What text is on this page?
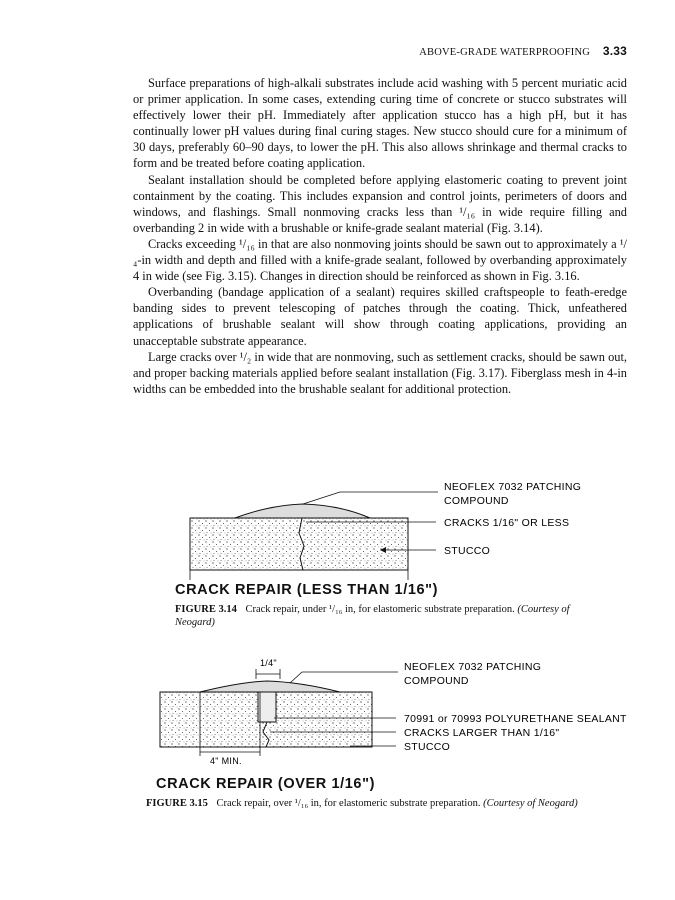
ABOVE-GRADE WATERPROOFING 3.33

Surface preparations of high-alkali substrates include acid washing with 5 percent muriatic acid or primer application. In some cases, extending curing time of concrete or stucco substrates will effectively lower their pH. Immediately after application stucco has a high pH, but it has continually lower pH values during final curing stages. New stucco should cure for a minimum of 30 days, preferably 60–90 days, to lower the pH. This also allows shrinkage and thermal cracks to form and be treated before coating application.

Sealant installation should be completed before applying elastomeric coating to prevent joint containment by the coating. This includes expansion and control joints, perimeters of doors and windows, and flashings. Small nonmoving cracks less than ¹/₁₆ in wide require filling and overbanding 2 in wide with a brushable or knife-grade sealant material (Fig. 3.14).

Cracks exceeding ¹/₁₆ in that are also nonmoving joints should be sawn out to approximately a ¹/₄-in width and depth and filled with a knife-grade sealant, followed by overbanding approximately 4 in wide (see Fig. 3.15). Changes in direction should be reinforced as shown in Fig. 3.16.

Overbanding (bandage application of a sealant) requires skilled craftspeople to feath-eredge banding sides to prevent telescoping of patches through the coating. Thick, unfeathered applications of brushable sealant will show through coating applications, providing an unacceptable substrate appearance.

Large cracks over ¹/₂ in wide that are nonmoving, such as settlement cracks, should be sawn out, and proper backing materials applied before sealant installation (Fig. 3.17). Fiberglass mesh in 4-in widths can be embedded into the brushable sealant for additional protection.

NEOFLEX 7032 PATCHING
COMPOUND
CRACKS 1/16" OR LESS
STUCCO
CRACK REPAIR (LESS THAN 1/16")
FIGURE 3.14 Crack repair, under ¹/₁₆ in, for elastomeric substrate preparation. (Courtesy of Neogard)
1/4"
4" MIN.
NEOFLEX 7032 PATCHING
COMPOUND
70991 or 70993 POLYURETHANE SEALANT
CRACKS LARGER THAN 1/16"
STUCCO
CRACK REPAIR (OVER 1/16")
FIGURE 3.15 Crack repair, over ¹/₁₆ in, for elastomeric substrate preparation. (Courtesy of Neogard)
